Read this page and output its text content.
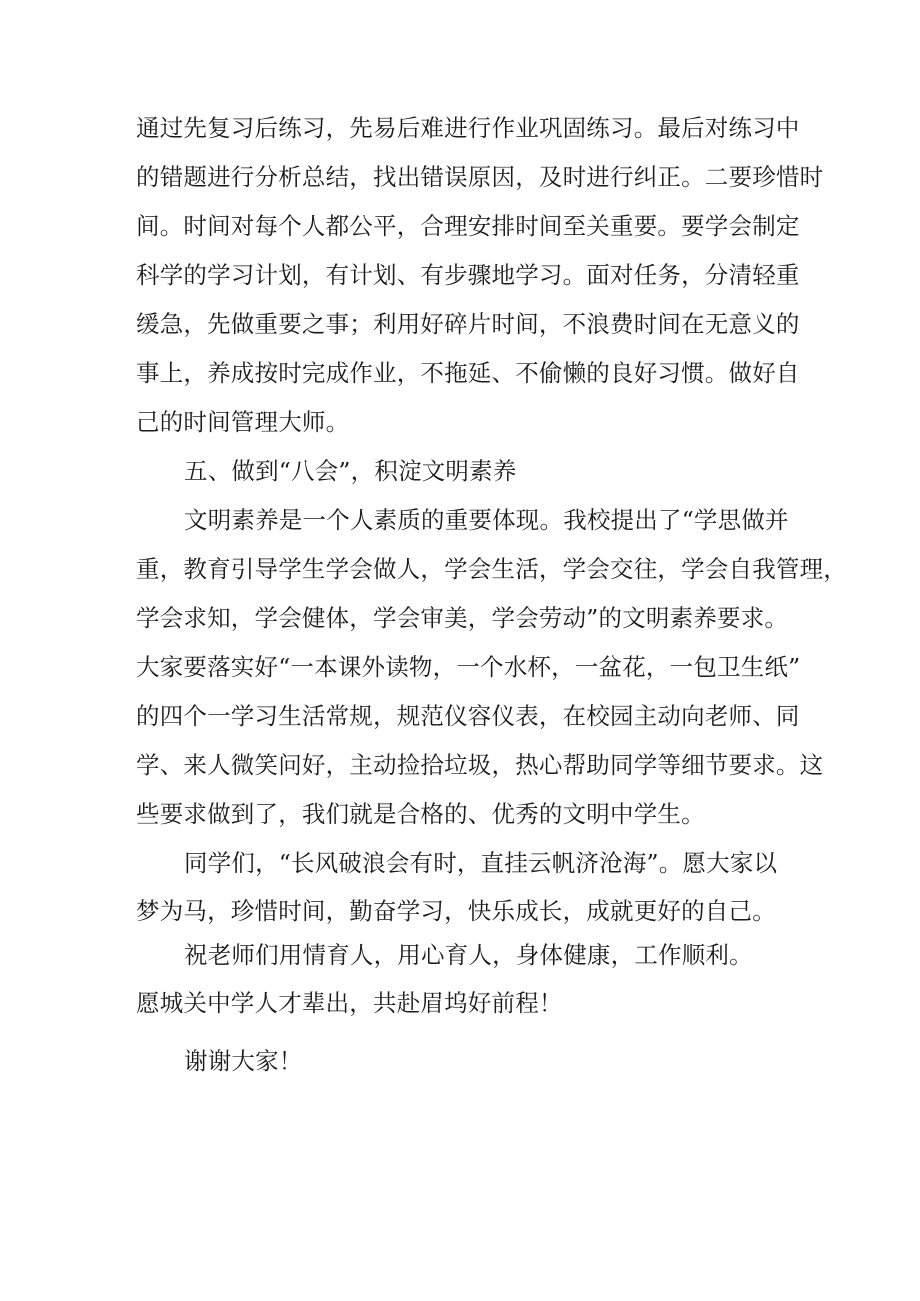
通过先复习后练习，先易后难进行作业巩固练习。最后对练习中
的错题进行分析总结，找出错误原因，及时进行纠正。二要珍惜时
间。时间对每个人都公平，合理安排时间至关重要。要学会制定
科学的学习计划，有计划、有步骤地学习。面对任务，分清轻重
缓急，先做重要之事；利用好碎片时间，不浪费时间在无意义的
事上，养成按时完成作业，不拖延、不偷懒的良好习惯。做好自
己的时间管理大师。
五、做到“八会”，积淀文明素养
文明素养是一个人素质的重要体现。我校提出了“学思做并
重，教育引导学生学会做人，学会生活，学会交往，学会自我管理，
学会求知，学会健体，学会审美，学会劳动”的文明素养要求。
大家要落实好“一本课外读物，一个水杯，一盆花，一包卫生纸”
的四个一学习生活常规，规范仪容仪表，在校园主动向老师、同
学、来人微笑问好，主动捡拾垃圾，热心帮助同学等细节要求。这
些要求做到了，我们就是合格的、优秀的文明中学生。
同学们，“长风破浪会有时，直挂云帆济沧海”。愿大家以
梦为马，珍惜时间，勤奋学习，快乐成长，成就更好的自己。
祝老师们用情育人，用心育人，身体健康，工作顺利。
愿城关中学人才辈出，共赴眉坞好前程！
谢谢大家！
